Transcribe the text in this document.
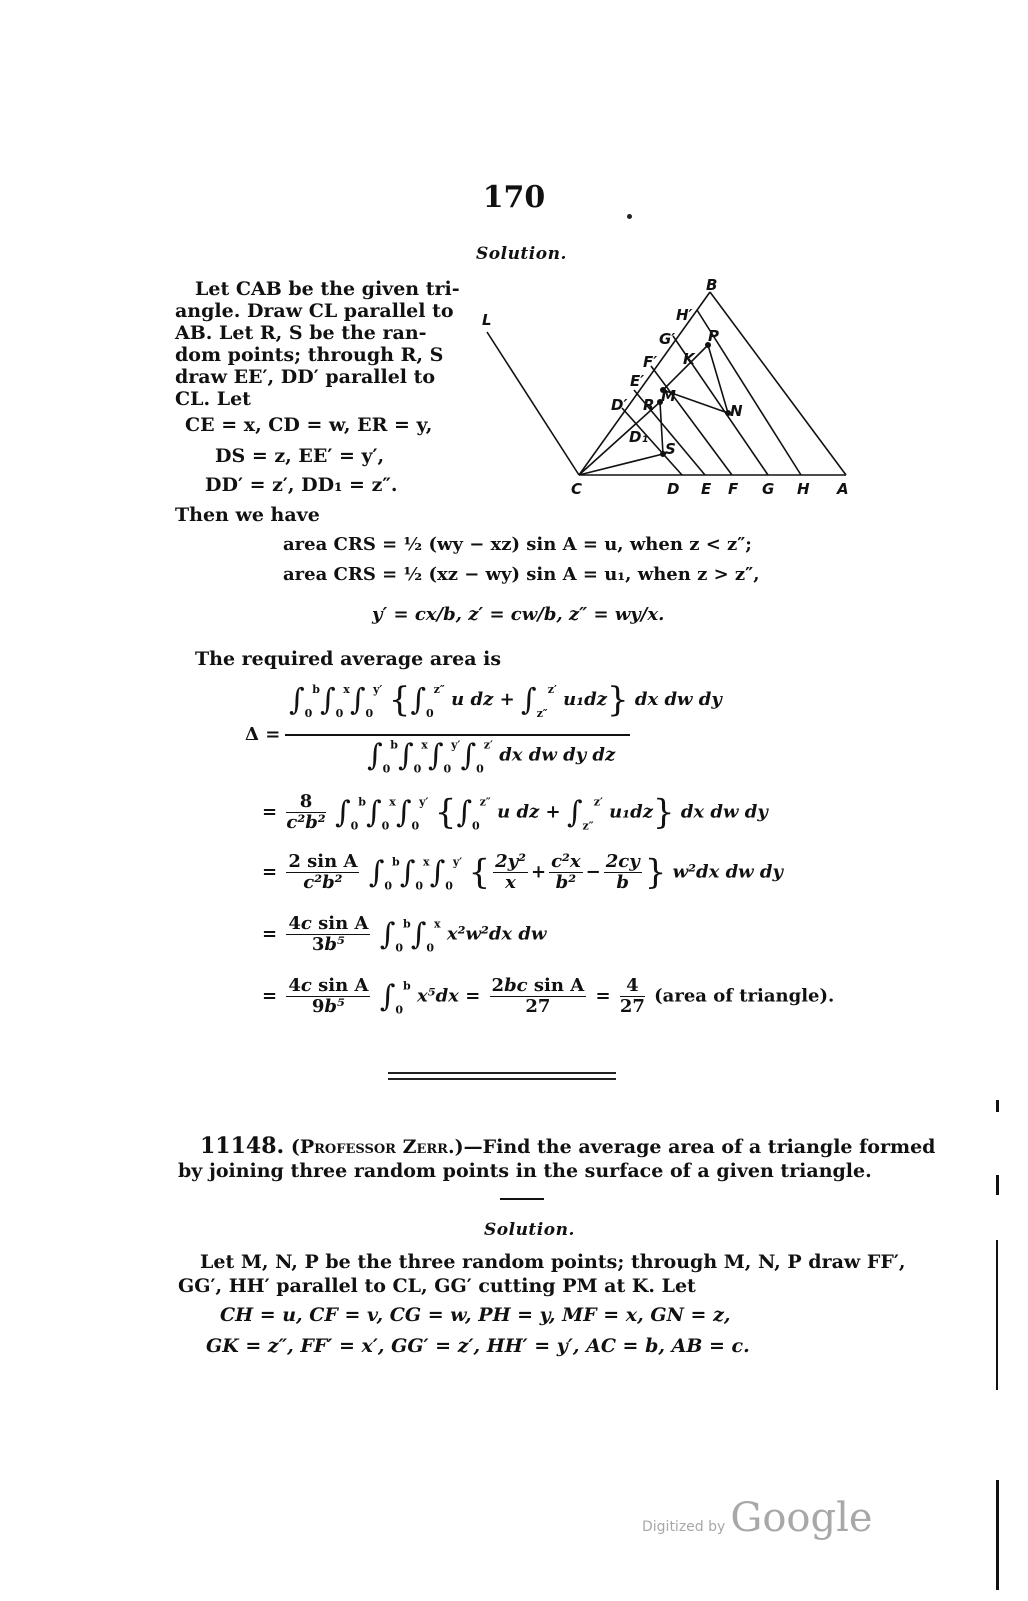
170
Solution.
Let CAB be the given tri-
angle. Draw CL parallel to
AB. Let R, S be the ran-
dom points; through R, S
draw EE′, DD′ parallel to
CL. Let
CE = x, CD = w, ER = y,
DS = z, EE′ = y′,
DD′ = z′, DD₁ = z″.
B
H′
G′ P
L
F′ K
E′
M
D′ R	N
D₁
S
C	D E F G H A
Then we have
area CRS = ½ (wy − xz) sin A = u, when z < z″;
area CRS = ½ (xz − wy) sin A = u₁, when z > z″,
y′ = cx/b, z′ = cw/b, z″ = wy/x.
The required average area is
Δ =
$\int_0^b\int_0^x\int_0^{y'}$ {$\int_0^{z''}$ u dz + $\int_{z''}^{z'}$ u₁dz} dx dw dy
$\int_0^b\int_0^x\int_0^{y'}\int_0^{z'}$ dx dw dy dz
= $\frac{8}{\text{c²b²}} \int_0^b\int_0^x\int_0^{y'}$ {$\int_0^{z''}$ u dz + $\int_{z''}^{z'}$ u₁dz} dx dw dy
= $\frac{\text{2 sin A}}{\text{c²b²}} \int_0^b\int_0^x\int_0^{y'}$ { $\frac{\text{2y²}}{x} + \frac{\text{c²x}}{\text{b²}} - \frac{2cy}{b}$ } w²dx dw dy
= $\frac{\text{4c sin A}}{\text{3b⁵}} \int_0^b\int_0^x$ x²w²dx dw
= $\frac{\text{4c sin A}}{\text{9b⁵}} \int_0^b$ $x^5dx = \frac{\text{2bc sin A}}{27} = \frac{4}{27}$ (area of triangle).
11148. (Professor Zerr.)—Find the average area of a triangle formed
by joining three random points in the surface of a given triangle.
Solution.
Let M, N, P be the three random points; through M, N, P draw FF′,
GG′, HH′ parallel to CL, GG′ cutting PM at K. Let
CH = u, CF = v, CG = w, PH = y, MF = x, GN = z,
GK = z″, FF′ = x′, GG′ = z′, HH′ = y′, AC = b, AB = c.
Digitized by Google
